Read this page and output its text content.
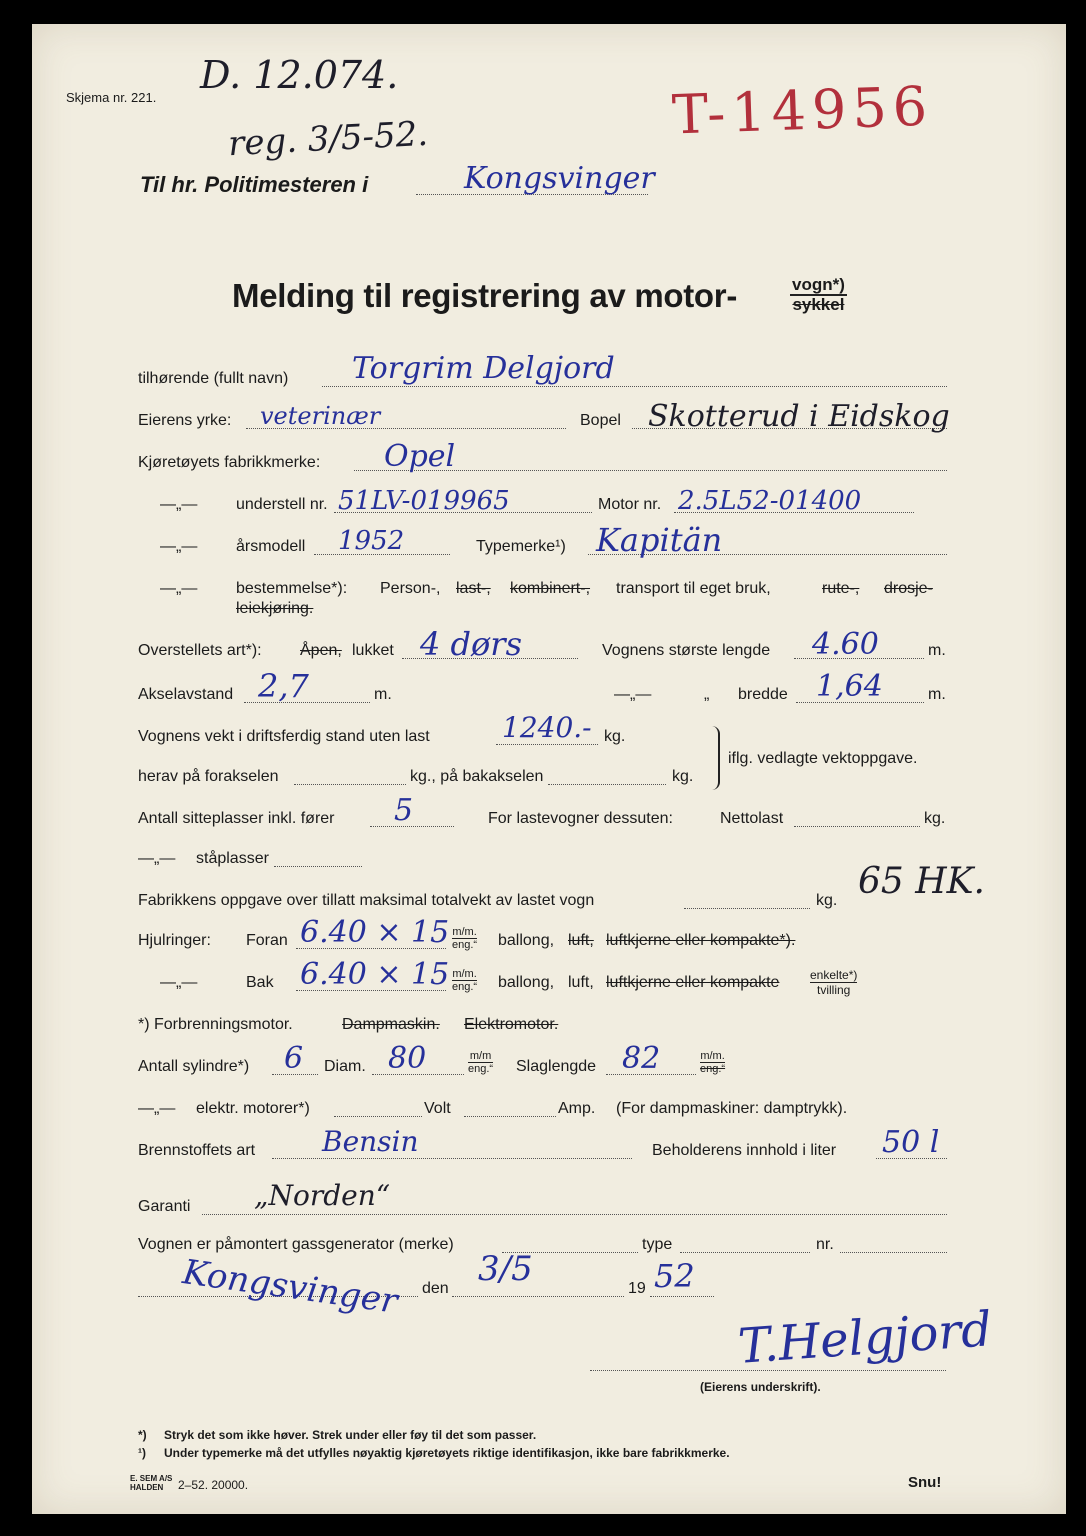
Skjema nr. 221.
D. 12.074.
reg. 3/5-52.	T-14956
Til hr. Politimesteren i	Kongsvinger
Melding til registrering av motor-	vogn*)
sykkel
tilhørende (fullt navn) Torgrim Delgjord
Eierens yrke: veterinær	Bopel Skotterud i Eidskog
Kjøretøyets fabrikkmerke: Opel
—„— understell nr. 51LV-019965	Motor nr. 2.5L52-01400
—„— årsmodell 1952	Typemerke¹) Kapitän
—„— bestemmelse*): Person-, last-, kombinert-, transport til eget bruk,	rute-, drosje-
leiekjøring.
Overstellets art*): Åpen, lukket 4 dørs	Vognens største lengde 4.60	m.
Akselavstand 2,7	m.	—„—	„ bredde 1,64	m.
Vognens vekt i driftsferdig stand uten last	1240.- kg.
herav på forakselen	kg., på bakakselen	kg.
iflg. vedlagte vektoppgave.
Antall sitteplasser inkl. fører 5	For lastevogner dessuten:	Nettolast	kg.
—„— ståplasser
Fabrikkens oppgave over tillatt maksimal totalvekt av lastet vogn	kg. 65 HK.
Hjulringer: Foran 6.40 × 15 m/m.
eng.“ ballong, luft, luftkjerne eller kompakte*).
—„—	Bak 6.40 × 15 m/m.
eng.“ ballong, luft, luftkjerne eller kompakte	enkelte*)
tvilling
*) Forbrenningsmotor.	Dampmaskin. Elektromotor.
Antall sylindre*) 6 Diam. 80	m/m
eng.“ Slaglengde 82	m/m.
eng.“
—„— elektr. motorer*)	Volt	Amp. (For dampmaskiner: damptrykk).
Brennstoffets art Bensin	Beholderens innhold i liter 50 l
Garanti „Norden“
Vognen er påmontert gassgenerator (merke)	type	nr.
Kongsvinger den 3/5	19 52
T.Helgjord
(Eierens underskrift).
*) Stryk det som ikke høver. Strek under eller føy til det som passer.
¹) Under typemerke må det utfylles nøyaktig kjøretøyets riktige identifikasjon, ikke bare fabrikkmerke.
E. SEM A/S
HALDEN 2–52. 20000.	Snu!
